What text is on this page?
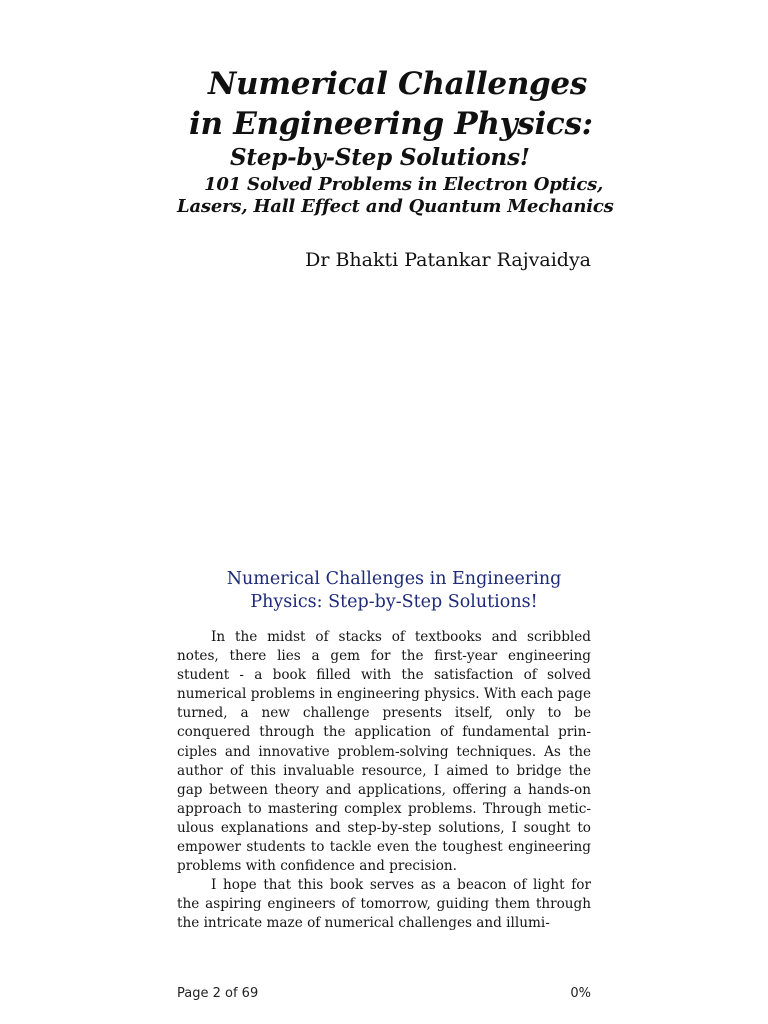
Numerical Challenges
in Engineering Physics:
Step-by-Step Solutions!
101 Solved Problems in Electron Optics,
Lasers, Hall Effect and Quantum Mechanics
Dr Bhakti Patankar Rajvaidya
Numerical Challenges in Engineering
Physics: Step-by-Step Solutions!

In the midst of stacks of textbooks and scribbled notes, there lies a gem for the first-year engineering student - a book filled with the satisfaction of solved numerical problems in engineering physics. With each page turned, a new challenge presents itself, only to be conquered through the application of fundamental principles and innovative problem-solving techniques. As the author of this invaluable resource, I aimed to bridge the gap between theory and applications, offering a hands-on approach to mastering complex problems. Through meticulous explanations and step-by-step solutions, I sought to empower students to tackle even the toughest engineering problems with confidence and precision.

I hope that this book serves as a beacon of light for the aspiring engineers of tomorrow, guiding them through the intricate maze of numerical challenges and illumi-

Page 2 of 69	0%
